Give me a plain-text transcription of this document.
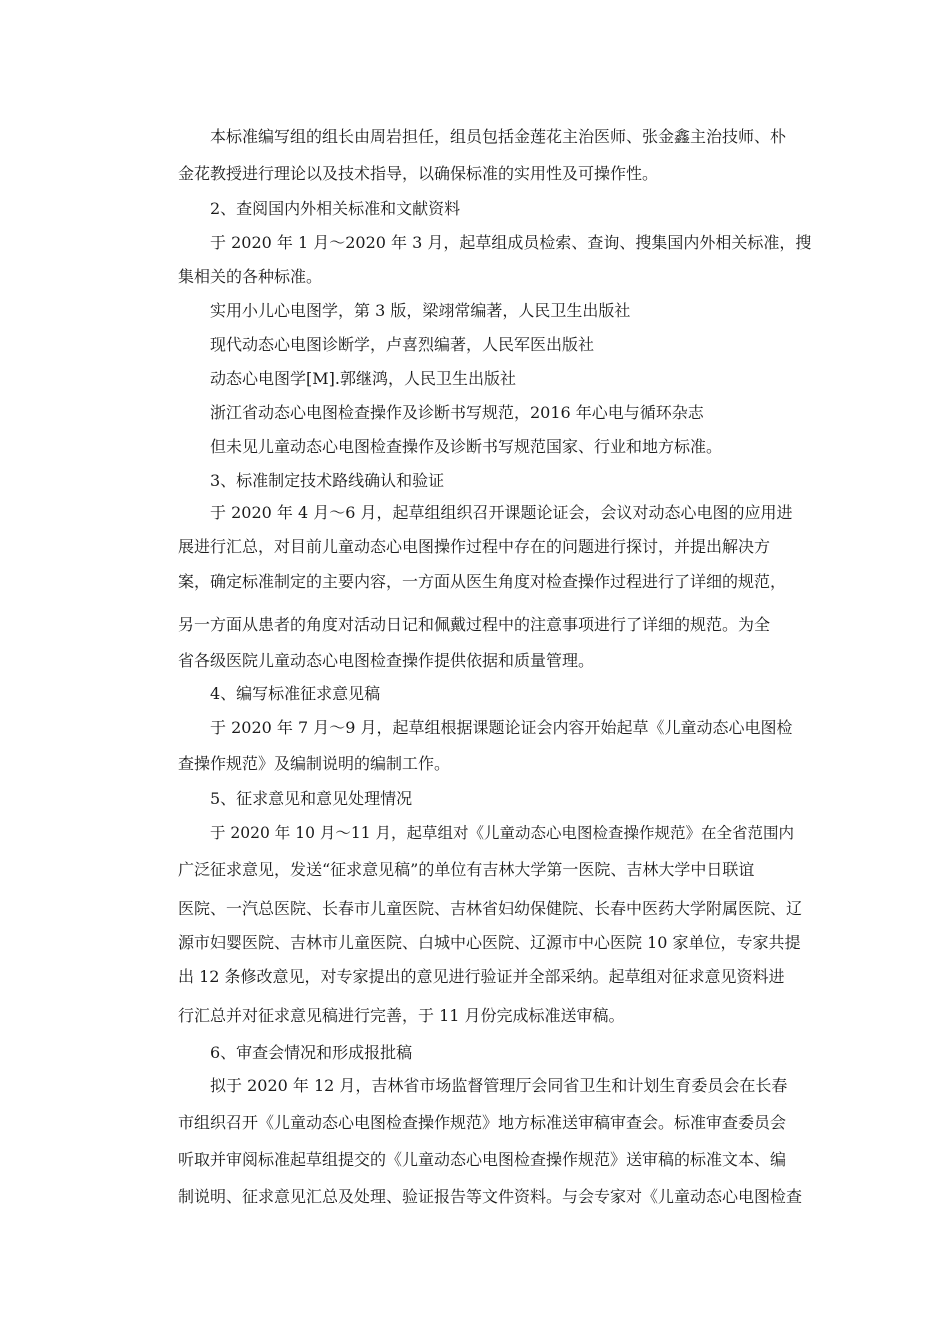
本标准编写组的组长由周岩担任，组员包括金莲花主治医师、张金鑫主治技师、朴

金花教授进行理论以及技术指导，以确保标准的实用性及可操作性。

2、查阅国内外相关标准和文献资料

于 2020 年 1 月～2020 年 3 月，起草组成员检索、查询、搜集国内外相关标准，搜

集相关的各种标准。

实用小儿心电图学，第 3 版，梁翊常编著，人民卫生出版社

现代动态心电图诊断学，卢喜烈编著，人民军医出版社

动态心电图学[M].郭继鸿，人民卫生出版社

浙江省动态心电图检查操作及诊断书写规范，2016 年心电与循环杂志

但未见儿童动态心电图检查操作及诊断书写规范国家、行业和地方标准。

3、标准制定技术路线确认和验证

于 2020 年 4 月～6 月，起草组组织召开课题论证会，会议对动态心电图的应用进

展进行汇总，对目前儿童动态心电图操作过程中存在的问题进行探讨，并提出解决方

案，确定标准制定的主要内容，一方面从医生角度对检查操作过程进行了详细的规范，

另一方面从患者的角度对活动日记和佩戴过程中的注意事项进行了详细的规范。为全

省各级医院儿童动态心电图检查操作提供依据和质量管理。

4、编写标准征求意见稿

于 2020 年 7 月～9 月，起草组根据课题论证会内容开始起草《儿童动态心电图检

查操作规范》及编制说明的编制工作。

5、征求意见和意见处理情况

于 2020 年 10 月～11 月，起草组对《儿童动态心电图检查操作规范》在全省范围内

广泛征求意见，发送“征求意见稿”的单位有吉林大学第一医院、吉林大学中日联谊

医院、一汽总医院、长春市儿童医院、吉林省妇幼保健院、长春中医药大学附属医院、辽

源市妇婴医院、吉林市儿童医院、白城中心医院、辽源市中心医院 10 家单位，专家共提

出 12 条修改意见，对专家提出的意见进行验证并全部采纳。起草组对征求意见资料进

行汇总并对征求意见稿进行完善，于 11 月份完成标准送审稿。

6、审查会情况和形成报批稿

拟于 2020 年 12 月，吉林省市场监督管理厅会同省卫生和计划生育委员会在长春

市组织召开《儿童动态心电图检查操作规范》地方标准送审稿审查会。标准审查委员会

听取并审阅标准起草组提交的《儿童动态心电图检查操作规范》送审稿的标准文本、编

制说明、征求意见汇总及处理、验证报告等文件资料。与会专家对《儿童动态心电图检查
